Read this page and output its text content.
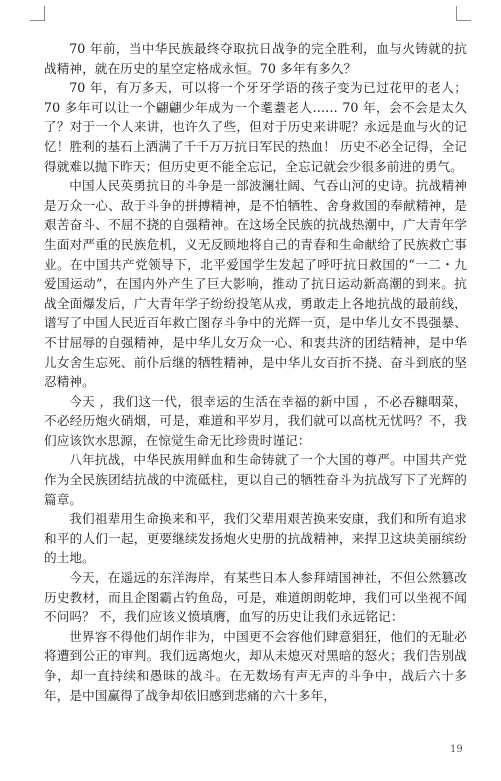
70 年前，当中华民族最终夺取抗日战争的完全胜利，血与火铸就的抗战精神，就在历史的星空定格成永恒。70 多年有多久？

70 年，有万多天，可以将一个牙牙学语的孩子变为已过花甲的老人；70 多年可以让一个翩翩少年成为一个耄耋老人…… 70 年，会不会是太久了？对于一个人来讲，也许久了些，但对于历史来讲呢？永远是血与火的记忆！胜利的基石上洒满了千千万万抗日军民的热血！ 历史不必全记得，全记得就难以抛下昨天；但历史更不能全忘记，全忘记就会少很多前进的勇气。

中国人民英勇抗日的斗争是一部波澜壮阔、气吞山河的史诗。抗战精神是万众一心、敌于斗争的拼搏精神，是不怕牺牲、舍身救国的奉献精神，是艰苦奋斗、不屈不挠的自强精神。在这场全民族的抗战热潮中，广大青年学生面对严重的民族危机，义无反顾地将自己的青春和生命献给了民族救亡事业。在中国共产党领导下，北平爱国学生发起了呼吁抗日救国的“一二・九爱国运动”，在国内外产生了巨大影响，推动了抗日运动新高潮的到来。抗战全面爆发后，广大青年学子纷纷投笔从戎，勇敢走上各地抗战的最前线，谱写了中国人民近百年救亡图存斗争中的光辉一页，是中华儿女不畏强暴、不甘屈辱的自强精神，是中华儿女万众一心、和衷共济的团结精神，是中华儿女舍生忘死、前仆后继的牺牲精神，是中华儿女百折不挠、奋斗到底的坚忍精神。

今天 ，我们这一代，很幸运的生活在幸福的新中国 ，不必吞糠咽菜，不必经历炮火硝烟，可是，难道和平岁月，我们就可以高枕无忧吗？不，我们应该饮水思源，在惊觉生命无比珍贵时谨记：

八年抗战，中华民族用鲜血和生命铸就了一个大国的尊严。中国共产党作为全民族团结抗战的中流砥柱，更以自己的牺牲奋斗为抗战写下了光辉的篇章。

我们祖辈用生命换来和平，我们父辈用艰苦换来安康，我们和所有追求和平的人们一起，更要继续发扬炮火史册的抗战精神，来捍卫这块美丽缤纷的土地。

今天，在遥远的东洋海岸，有某些日本人参拜靖国神社，不但公然篡改历史教材，而且企图霸占钓鱼岛，可是，难道朗朗乾坤，我们可以坐视不闻不问吗？ 不，我们应该义愤填膺，血写的历史让我们永远铭记：

世界容不得他们胡作非为，中国更不会容他们肆意猖狂，他们的无耻必将遭到公正的审判。我们远离炮火，却从未熄灭对黑暗的怒火；我们告别战争，却一直持续和愚昧的战斗。在无数场有声无声的斗争中，战后六十多年，是中国赢得了战争却依旧感到悲痛的六十多年，

19
